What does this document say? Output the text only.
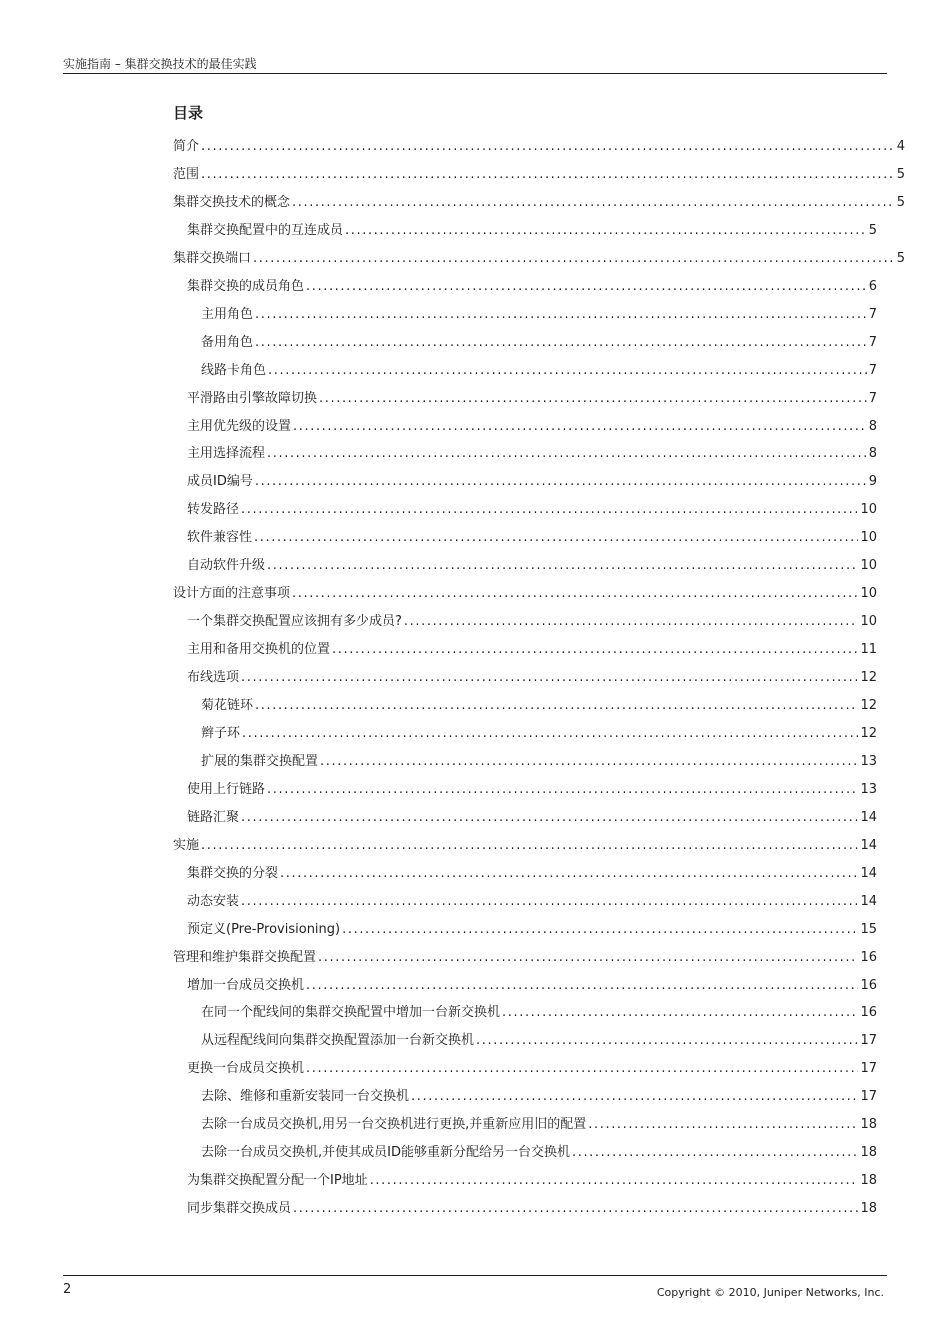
实施指南 – 集群交换技术的最佳实践
目录
简介 .....	4
范围 .....	5
集群交换技术的概念 .....	5
集群交换配置中的互连成员 .....	5
集群交换端口 .....	5
集群交换的成员角色 .....	6
主用角色 .....	7
备用角色 .....	7
线路卡角色 .....	7
平滑路由引擎故障切换 .....	7
主用优先级的设置 .....	8
主用选择流程 .....	8
成员ID编号 .....	9
转发路径 .....	10
软件兼容性 .....	10
自动软件升级 .....	10
设计方面的注意事项 .....	10
一个集群交换配置应该拥有多少成员? .....	10
主用和备用交换机的位置 .....	11
布线选项 .....	12
菊花链环 .....	12
辫子环 .....	12
扩展的集群交换配置 .....	13
使用上行链路 .....	13
链路汇聚 .....	14
实施 .....	14
集群交换的分裂 .....	14
动态安装 .....	14
预定义(Pre-Provisioning) .....	15
管理和维护集群交换配置 .....	16
增加一台成员交换机 .....	16
在同一个配线间的集群交换配置中增加一台新交换机 .....	16
从远程配线间向集群交换配置添加一台新交换机 .....	17
更换一台成员交换机 .....	17
去除、维修和重新安装同一台交换机 .....	17
去除一台成员交换机,用另一台交换机进行更换,并重新应用旧的配置 .....	18
去除一台成员交换机,并使其成员ID能够重新分配给另一台交换机 .....	18
为集群交换配置分配一个IP地址 .....	18
同步集群交换成员 .....	18
2	Copyright © 2010, Juniper Networks, Inc.
